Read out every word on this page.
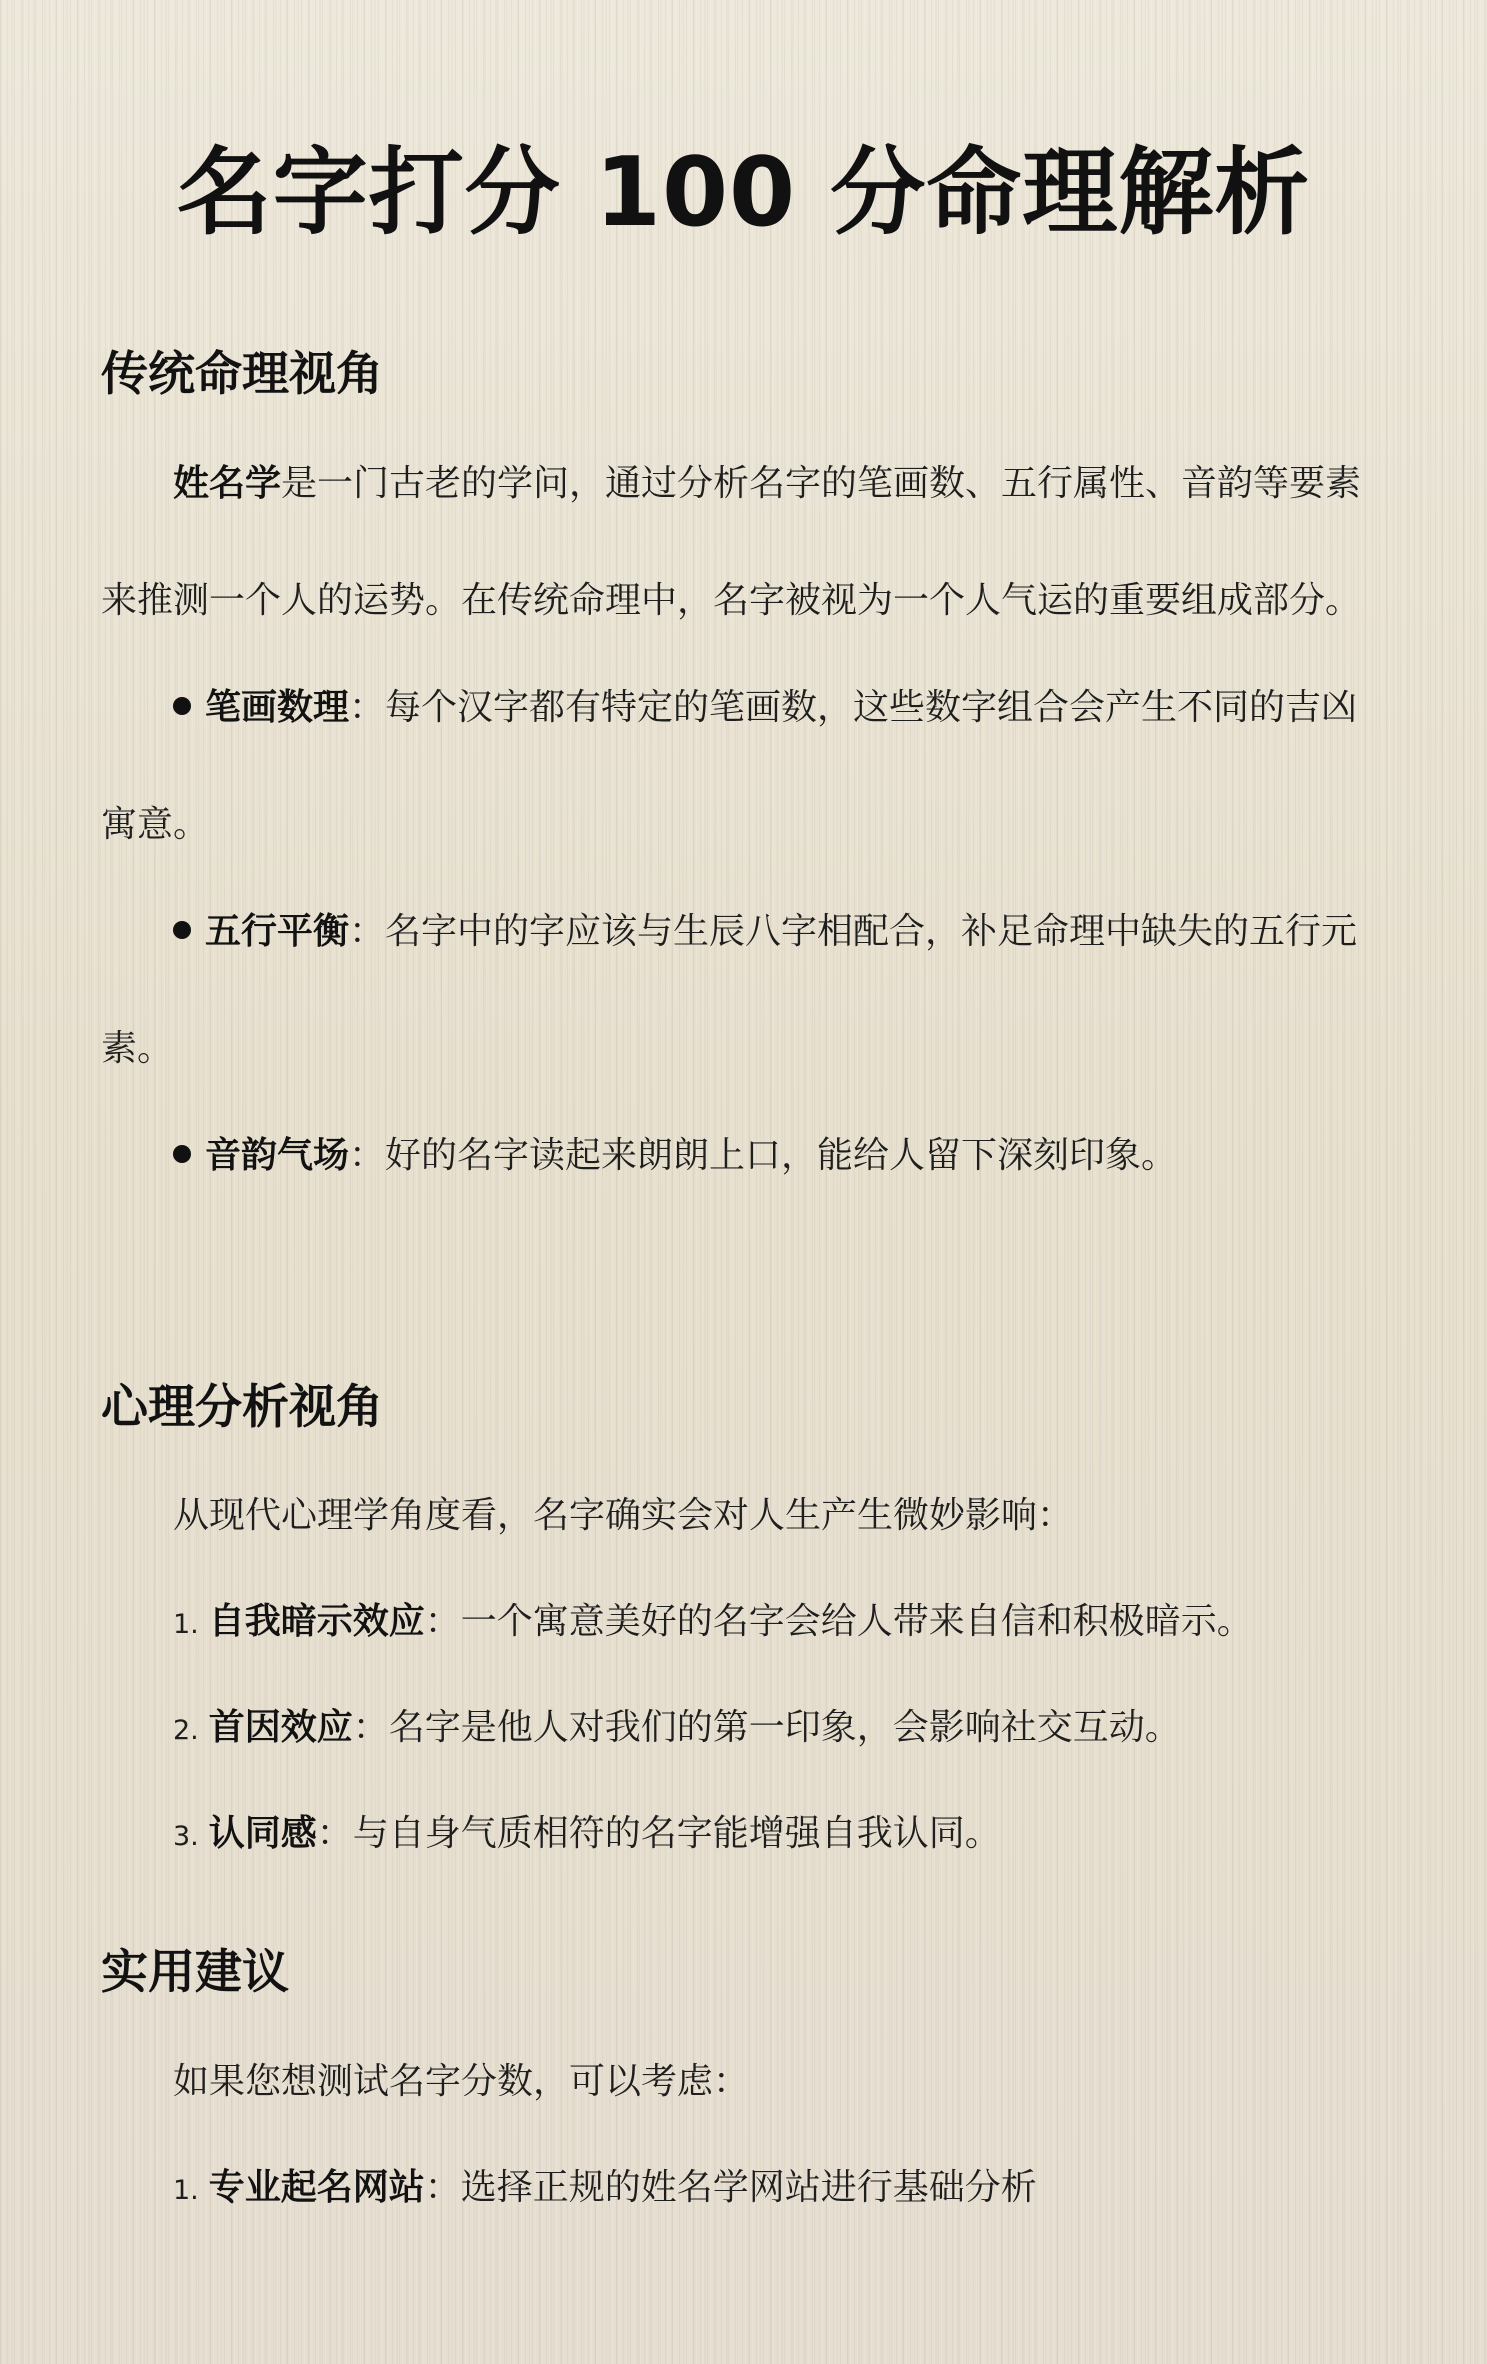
名字打分 100 分命理解析
传统命理视角

姓名学是一门古老的学问，通过分析名字的笔画数、五行属性、音韵等要素来推测一个人的运势。在传统命理中，名字被视为一个人气运的重要组成部分。

笔画数理：每个汉字都有特定的笔画数，这些数字组合会产生不同的吉凶寓意。

五行平衡：名字中的字应该与生辰八字相配合，补足命理中缺失的五行元素。

音韵气场：好的名字读起来朗朗上口，能给人留下深刻印象。

心理分析视角
从现代心理学角度看，名字确实会对人生产生微妙影响：
1. 自我暗示效应：一个寓意美好的名字会给人带来自信和积极暗示。
2. 首因效应：名字是他人对我们的第一印象，会影响社交互动。
3. 认同感：与自身气质相符的名字能增强自我认同。
实用建议
如果您想测试名字分数，可以考虑：
1. 专业起名网站：选择正规的姓名学网站进行基础分析
